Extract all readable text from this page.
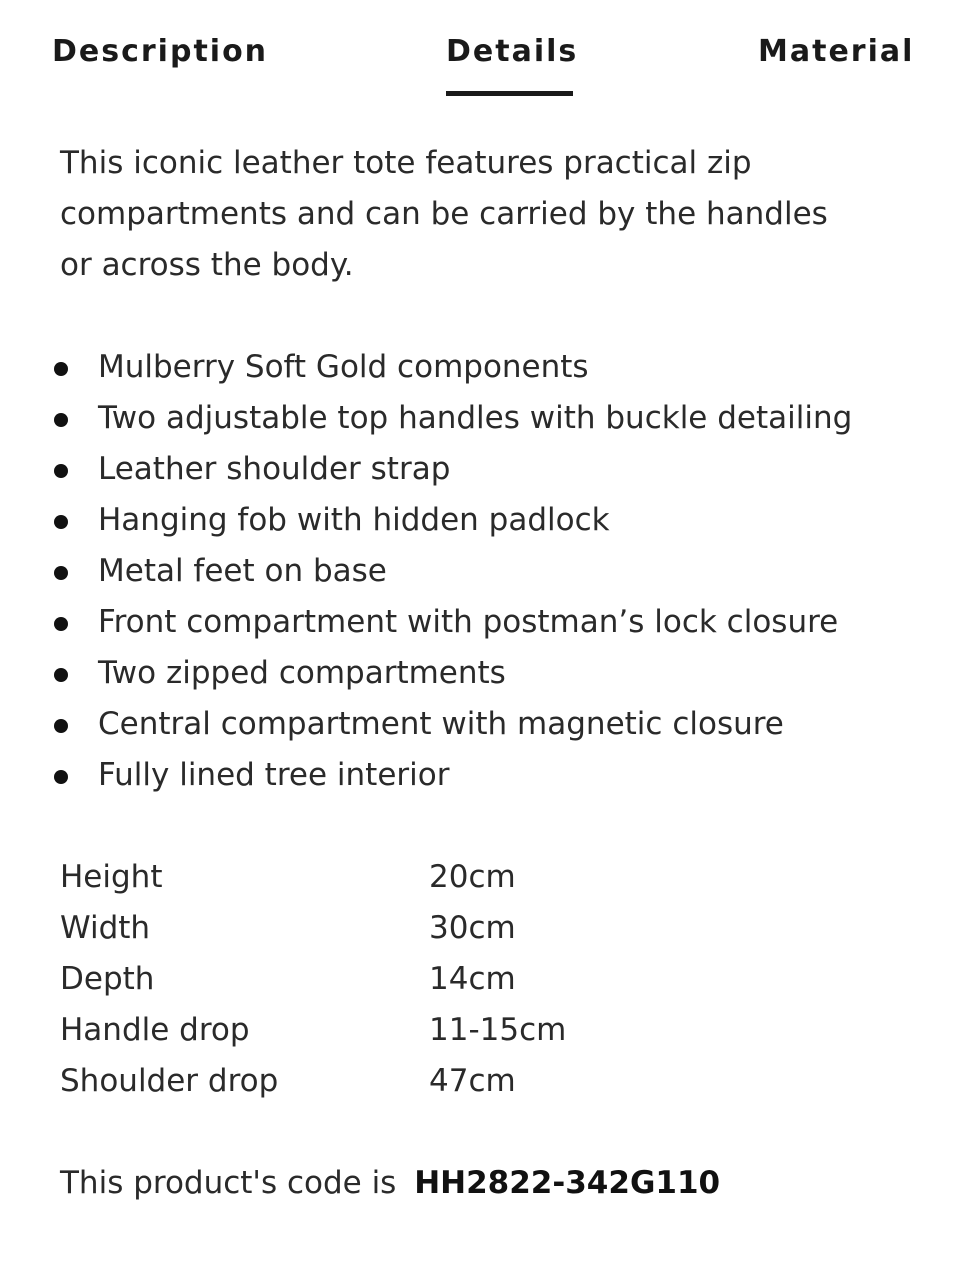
Description	Details	Material

This iconic leather tote features practical zip compartments and can be carried by the handles or across the body.

Mulberry Soft Gold components
Two adjustable top handles with buckle detailing
Leather shoulder strap
Hanging fob with hidden padlock
Metal feet on base
Front compartment with postman’s lock closure
Two zipped compartments
Central compartment with magnetic closure
Fully lined tree interior
Height	20cm
Width	30cm
Depth	14cm
Handle drop	11-15cm
Shoulder drop	47cm
This product's code is HH2822-342G110
